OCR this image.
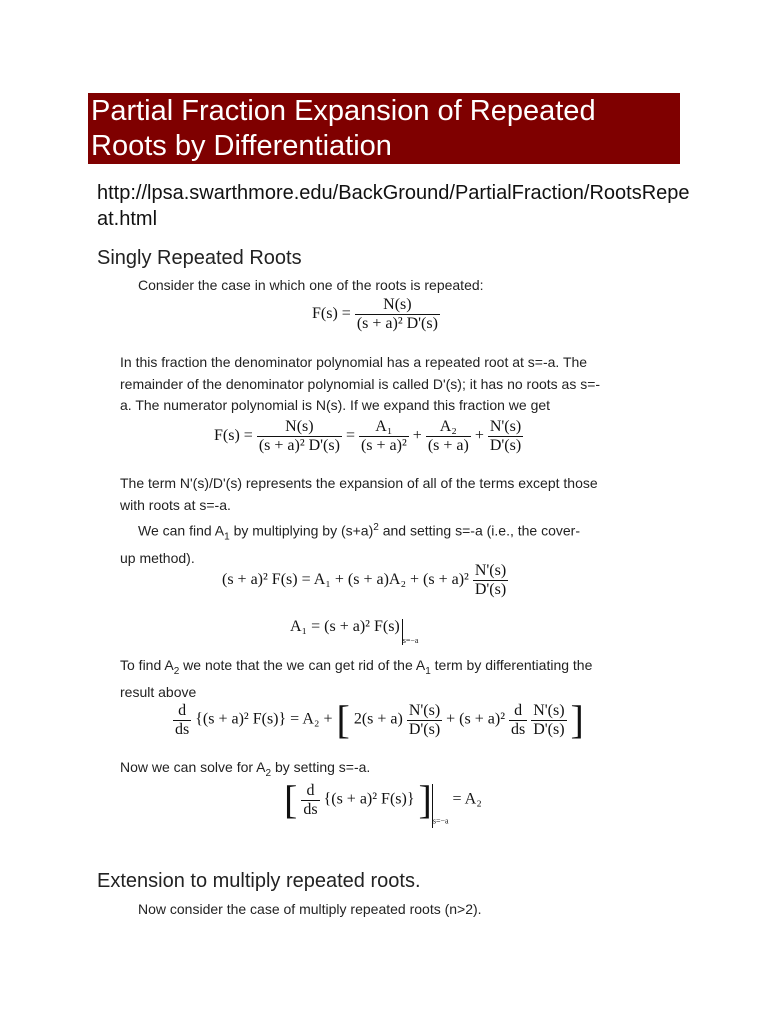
Partial Fraction Expansion of Repeated
Roots by Differentiation
http://lpsa.swarthmore.edu/BackGround/PartialFraction/RootsRepeat.html
Singly Repeated Roots
Consider the case in which one of the roots is repeated:
$F(s) = \frac{N(s)}{\text{(s + a)² D'(s)}}$
In this fraction the denominator polynomial has a repeated root at s=-a. The
remainder of the denominator polynomial is called D'(s); it has no roots as s=-
a. The numerator polynomial is N(s). If we expand this fraction we get
$F(s) = \frac{N(s)}{\text{(s + a)² D'(s)}} = \frac{\text{A₁}}{\text{(s + a)²}} + \frac{\text{A₂}}{(s + a)} + \frac{N'(s)}{D'(s)}$
The term N'(s)/D'(s) represents the expansion of all of the terms except those
with roots at s=-a.
We can find $A_1$ by multiplying by $(s+a)^2$ and setting s=-a (i.e., the cover-
up method).
(s + a)² $F(s) = A_1 + (s + a)A_2 + (s + a)^2 \frac{N'(s)}{D'(s)}$
A₁ = (s + a)² $F(s)_{s=-a}$
To find $A_2$ we note that the we can get rid of the $A_1$ term by differentiating the
result above
$\frac{d}{ds} \{(s + a)^2$ F(s)} = A₂ + [ $2(s + a) \frac{N'(s)}{D'(s)} + (s + a)^2 \frac{d}{ds}$
$\frac{N'(s)}{D'(s)}$ ]
Now we can solve for $A_2$ by setting s=-a.
[ $\frac{d}{ds} \{(s + a)^2$ F(s)} ]$_{s=-a} = A_2$
Extension to multiply repeated roots.
Now consider the case of multiply repeated roots (n>2).
